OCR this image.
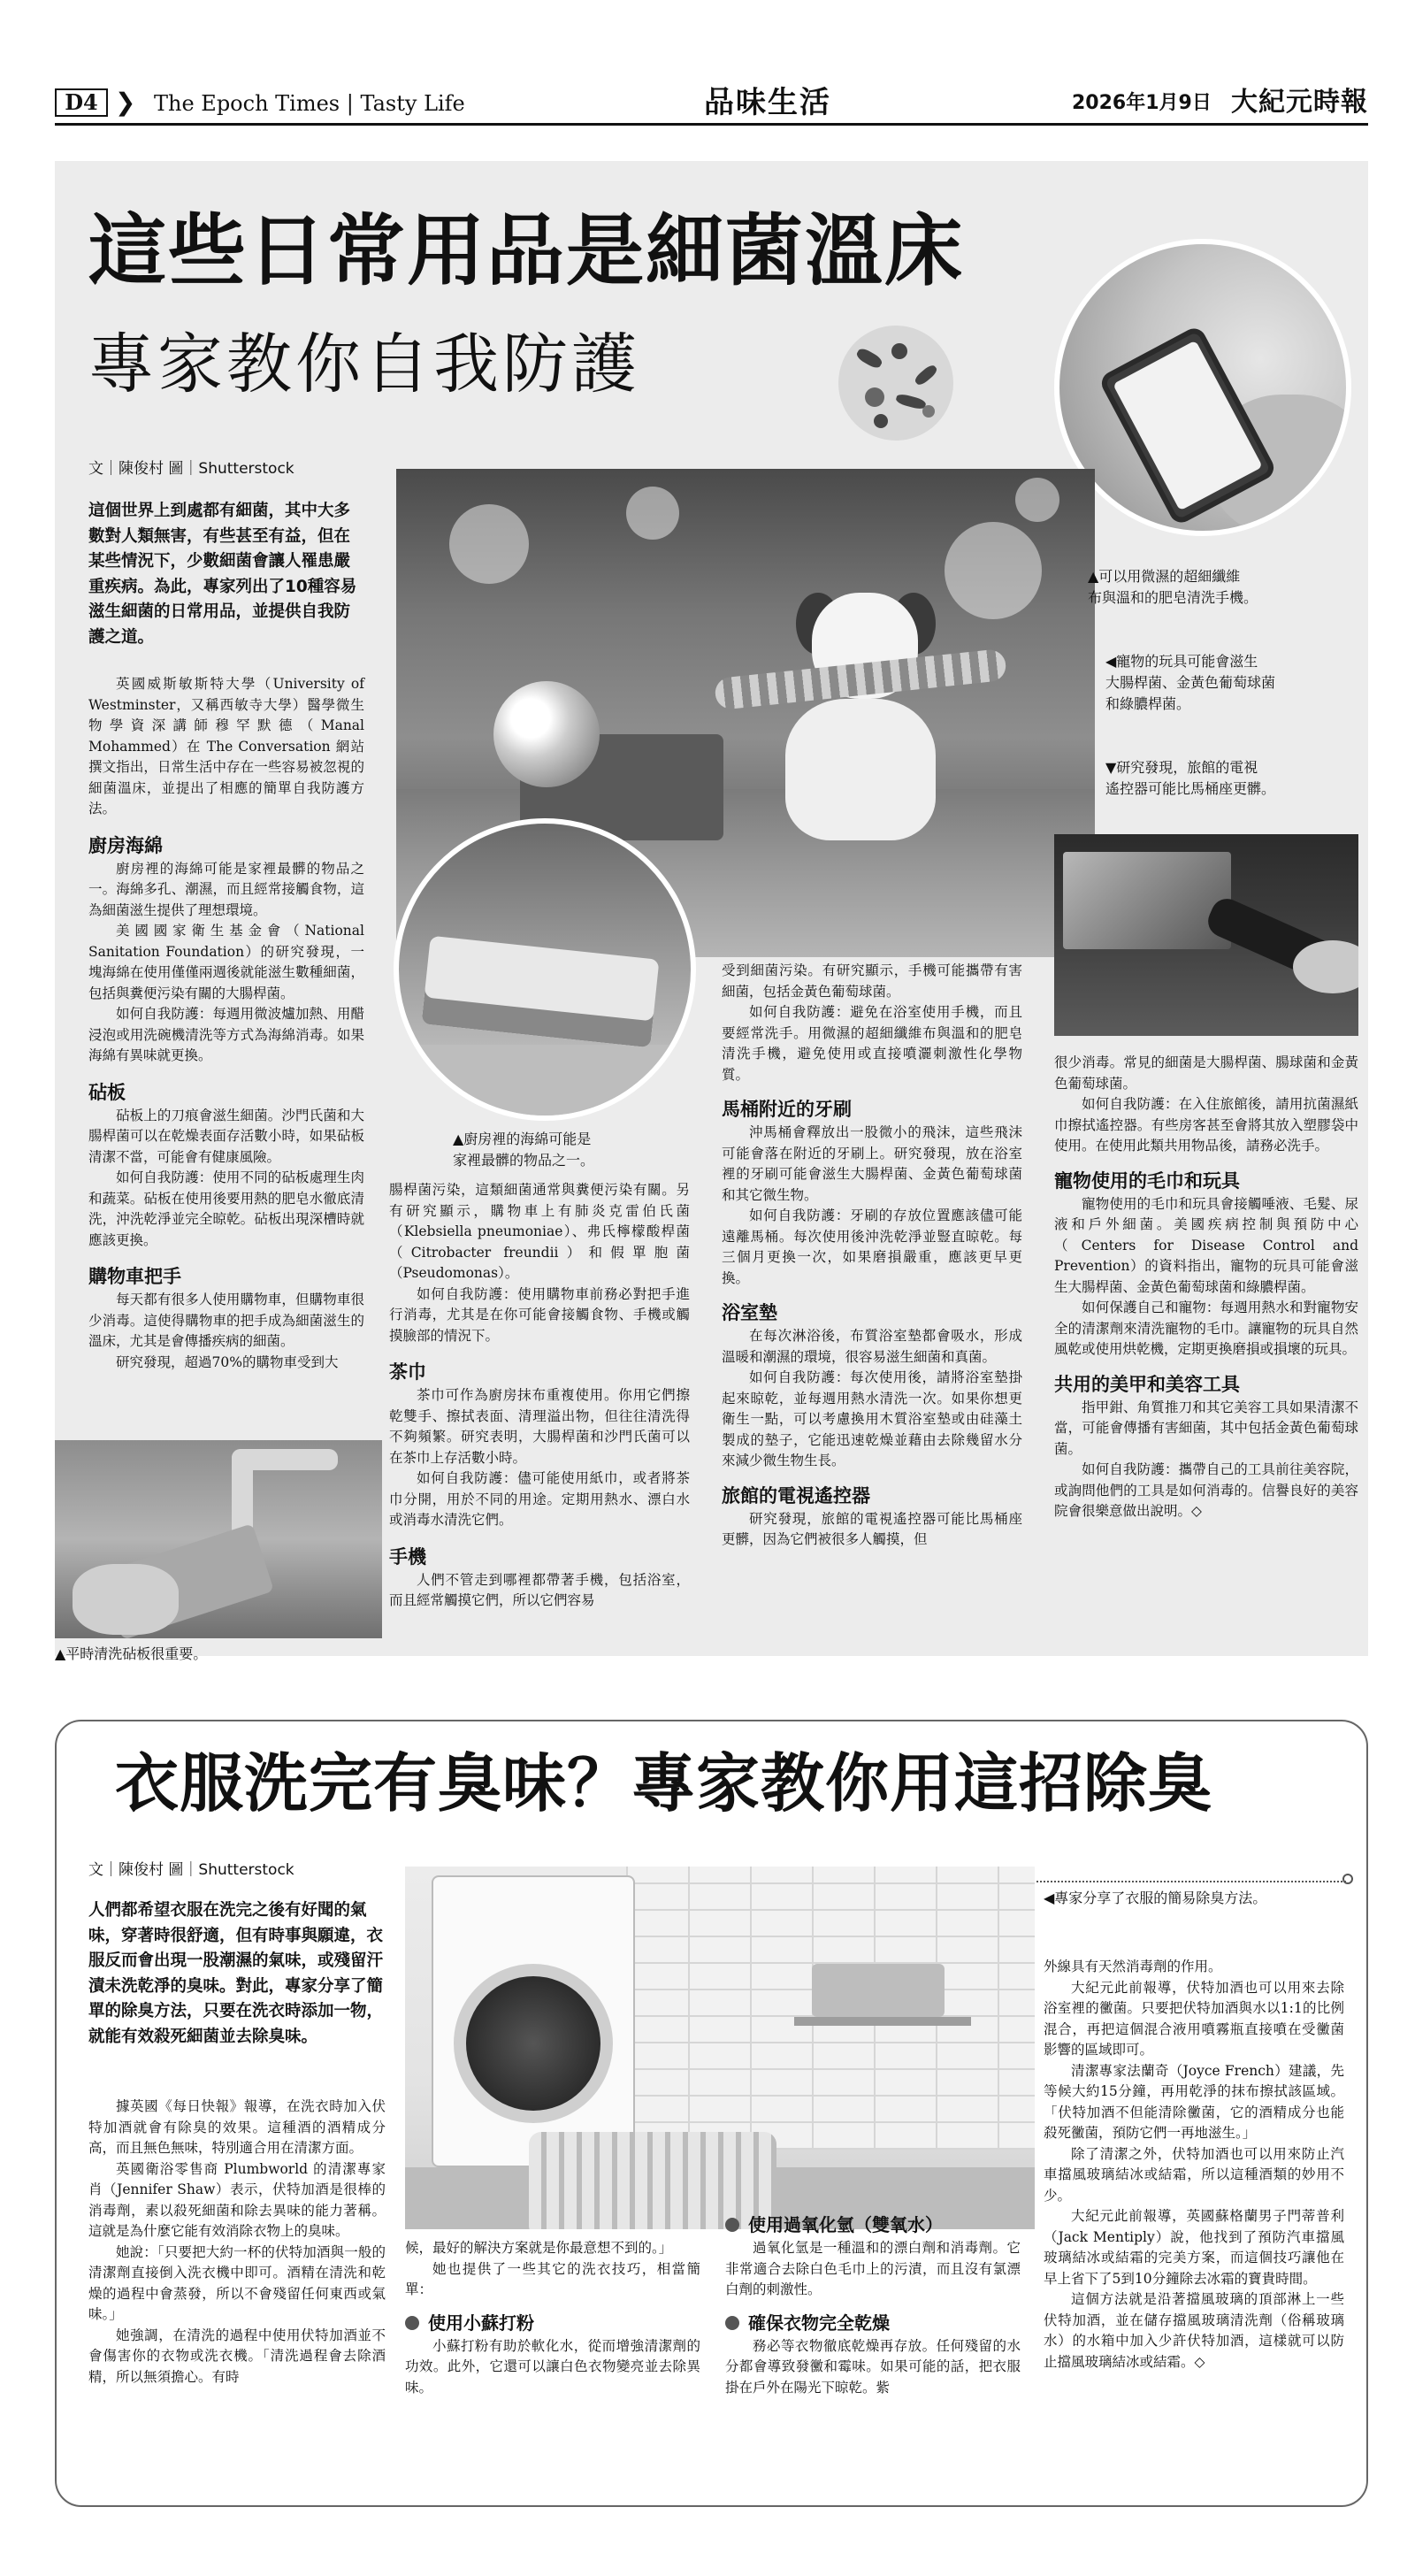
D4 ❯ The Epoch Times | Tasty Life	品味生活	2026年1月9日 大紀元時報
這些日常用品是細菌溫床
專家教你自我防護
文｜陳俊村 圖｜Shutterstock

這個世界上到處都有細菌，其中大多數對人類無害，有些甚至有益，但在某些情況下，少數細菌會讓人罹患嚴重疾病。為此，專家列出了10種容易滋生細菌的日常用品，並提供自我防護之道。

英國威斯敏斯特大學（University of Westminster，又稱西敏寺大學）醫學微生物學資深講師穆罕默德（Manal Mohammed）在 The Conversation 網站撰文指出，日常生活中存在一些容易被忽視的細菌溫床，並提出了相應的簡單自我防護方法。

廚房海綿

廚房裡的海綿可能是家裡最髒的物品之一。海綿多孔、潮濕，而且經常接觸食物，這為細菌滋生提供了理想環境。

美國國家衛生基金會（National Sanitation Foundation）的研究發現，一塊海綿在使用僅僅兩週後就能滋生數種細菌，包括與糞便污染有關的大腸桿菌。

如何自我防護：每週用微波爐加熱、用醋浸泡或用洗碗機清洗等方式為海綿消毒。如果海綿有異味就更換。

砧板

砧板上的刀痕會滋生細菌。沙門氏菌和大腸桿菌可以在乾燥表面存活數小時，如果砧板清潔不當，可能會有健康風險。

如何自我防護：使用不同的砧板處理生肉和蔬菜。砧板在使用後要用熱的肥皂水徹底清洗，沖洗乾淨並完全晾乾。砧板出現深槽時就應該更換。

購物車把手

每天都有很多人使用購物車，但購物車很少消毒。這使得購物車的把手成為細菌滋生的溫床，尤其是會傳播疾病的細菌。

研究發現，超過70%的購物車受到大

▲平時清洗砧板很重要。
▲廚房裡的海綿可能是
家裡最髒的物品之一。

腸桿菌污染，這類細菌通常與糞便污染有關。另有研究顯示，購物車上有肺炎克雷伯氏菌（Klebsiella pneumoniae）、弗氏檸檬酸桿菌（Citrobacter freundii）和假單胞菌（Pseudomonas）。

如何自我防護：使用購物車前務必對把手進行消毒，尤其是在你可能會接觸食物、手機或觸摸臉部的情況下。

茶巾

茶巾可作為廚房抹布重複使用。你用它們擦乾雙手、擦拭表面、清理溢出物，但往往清洗得不夠頻繁。研究表明，大腸桿菌和沙門氏菌可以在茶巾上存活數小時。

如何自我防護：儘可能使用紙巾，或者將茶巾分開，用於不同的用途。定期用熱水、漂白水或消毒水清洗它們。

手機

人們不管走到哪裡都帶著手機，包括浴室，而且經常觸摸它們，所以它們容易

受到細菌污染。有研究顯示，手機可能攜帶有害細菌，包括金黃色葡萄球菌。

如何自我防護：避免在浴室使用手機，而且要經常洗手。用微濕的超細纖維布與溫和的肥皂清洗手機，避免使用或直接噴灑刺激性化學物質。

馬桶附近的牙刷

沖馬桶會釋放出一股微小的飛沫，這些飛沫可能會落在附近的牙刷上。研究發現，放在浴室裡的牙刷可能會滋生大腸桿菌、金黃色葡萄球菌和其它微生物。

如何自我防護：牙刷的存放位置應該儘可能遠離馬桶。每次使用後沖洗乾淨並豎直晾乾。每三個月更換一次，如果磨損嚴重，應該更早更換。

浴室墊

在每次淋浴後，布質浴室墊都會吸水，形成溫暖和潮濕的環境，很容易滋生細菌和真菌。

如何自我防護：每次使用後，請將浴室墊掛起來晾乾，並每週用熱水清洗一次。如果你想更衛生一點，可以考慮換用木質浴室墊或由硅藻土製成的墊子，它能迅速乾燥並藉由去除幾留水分來減少微生物生長。

旅館的電視遙控器

研究發現，旅館的電視遙控器可能比馬桶座更髒，因為它們被很多人觸摸，但

▲可以用微濕的超細纖維
布與溫和的肥皂清洗手機。
◀寵物的玩具可能會滋生
大腸桿菌、金黃色葡萄球菌
和綠膿桿菌。
▼研究發現，旅館的電視
遙控器可能比馬桶座更髒。

很少消毒。常見的細菌是大腸桿菌、腸球菌和金黃色葡萄球菌。

如何自我防護：在入住旅館後，請用抗菌濕紙巾擦拭遙控器。有些房客甚至會將其放入塑膠袋中使用。在使用此類共用物品後，請務必洗手。

寵物使用的毛巾和玩具

寵物使用的毛巾和玩具會接觸唾液、毛髮、尿液和戶外細菌。美國疾病控制與預防中心（Centers for Disease Control and Prevention）的資料指出，寵物的玩具可能會滋生大腸桿菌、金黃色葡萄球菌和綠膿桿菌。

如何保護自己和寵物：每週用熱水和對寵物安全的清潔劑來清洗寵物的毛巾。讓寵物的玩具自然風乾或使用烘乾機，定期更換磨損或損壞的玩具。

共用的美甲和美容工具

指甲鉗、角質推刀和其它美容工具如果清潔不當，可能會傳播有害細菌，其中包括金黃色葡萄球菌。

如何自我防護：攜帶自己的工具前往美容院，或詢問他們的工具是如何消毒的。信譽良好的美容院會很樂意做出說明。◇

衣服洗完有臭味？專家教你用這招除臭
文｜陳俊村 圖｜Shutterstock

人們都希望衣服在洗完之後有好聞的氣味，穿著時很舒適，但有時事與願違，衣服反而會出現一股潮濕的氣味，或殘留汗漬未洗乾淨的臭味。對此，專家分享了簡單的除臭方法，只要在洗衣時添加一物，就能有效殺死細菌並去除臭味。

據英國《每日快報》報導，在洗衣時加入伏特加酒就會有除臭的效果。這種酒的酒精成分高，而且無色無味，特別適合用在清潔方面。

英國衛浴零售商 Plumbworld 的清潔專家肖（Jennifer Shaw）表示，伏特加酒是很棒的消毒劑，素以殺死細菌和除去異味的能力著稱。這就是為什麼它能有效消除衣物上的臭味。

她說：「只要把大約一杯的伏特加酒與一般的清潔劑直接倒入洗衣機中即可。酒精在清洗和乾燥的過程中會蒸發，所以不會殘留任何東西或氣味。」

她強調，在清洗的過程中使用伏特加酒並不會傷害你的衣物或洗衣機。「清洗過程會去除酒精，所以無須擔心。有時

候，最好的解決方案就是你最意想不到的。」

她也提供了一些其它的洗衣技巧，相當簡單：

使用小蘇打粉

小蘇打粉有助於軟化水，從而增強清潔劑的功效。此外，它還可以讓白色衣物變亮並去除異味。

使用過氧化氫（雙氧水）

過氧化氫是一種溫和的漂白劑和消毒劑。它非常適合去除白色毛巾上的污漬，而且沒有氯漂白劑的刺激性。

確保衣物完全乾燥

務必等衣物徹底乾燥再存放。任何殘留的水分都會導致發黴和霉味。如果可能的話，把衣服掛在戶外在陽光下晾乾。紫

◀專家分享了衣服的簡易除臭方法。

外線具有天然消毒劑的作用。

大紀元此前報導，伏特加酒也可以用來去除浴室裡的黴菌。只要把伏特加酒與水以1:1的比例混合，再把這個混合液用噴霧瓶直接噴在受黴菌影響的區域即可。

清潔專家法蘭奇（Joyce French）建議，先等候大約15分鐘，再用乾淨的抹布擦拭該區域。「伏特加酒不但能清除黴菌，它的酒精成分也能殺死黴菌，預防它們一再地滋生。」

除了清潔之外，伏特加酒也可以用來防止汽車擋風玻璃結冰或結霜，所以這種酒類的妙用不少。

大紀元此前報導，英國蘇格蘭男子門蒂普利（Jack Mentiply）說，他找到了預防汽車擋風玻璃結冰或結霜的完美方案，而這個技巧讓他在早上省下了5到10分鐘除去冰霜的寶貴時間。

這個方法就是沿著擋風玻璃的頂部淋上一些伏特加酒，並在儲存擋風玻璃清洗劑（俗稱玻璃水）的水箱中加入少許伏特加酒，這樣就可以防止擋風玻璃結冰或結霜。◇
